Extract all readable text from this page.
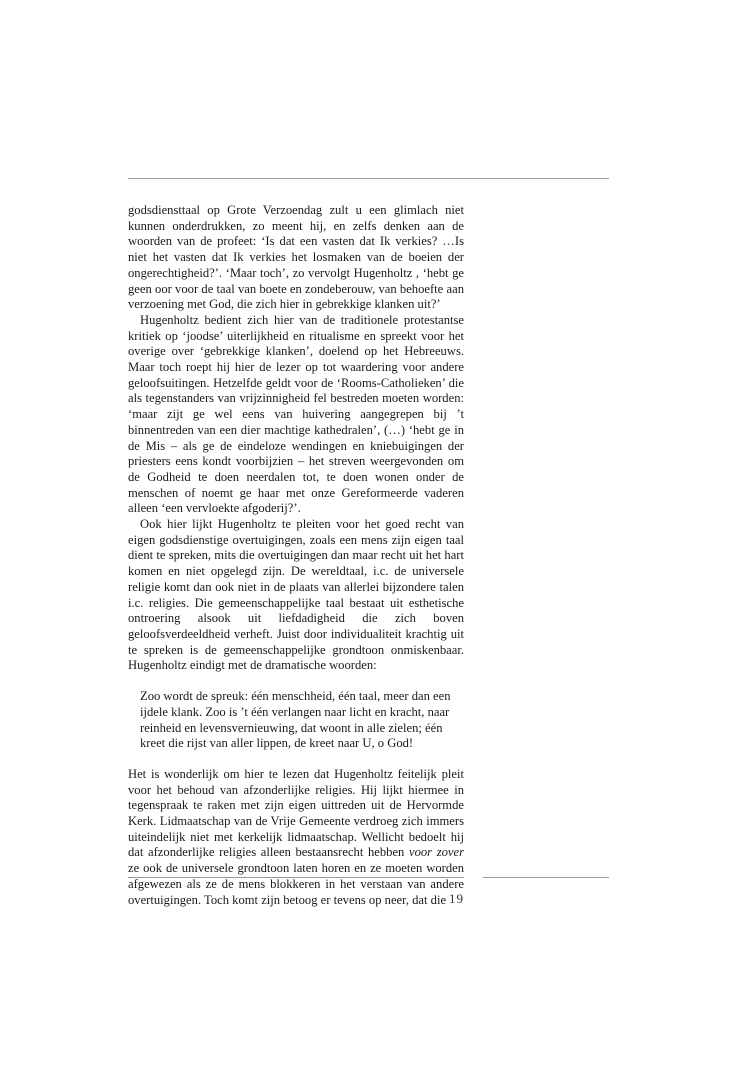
godsdiensttaal op Grote Verzoendag zult u een glimlach niet kunnen onderdrukken, zo meent hij, en zelfs denken aan de woorden van de profeet: ‘Is dat een vasten dat Ik verkies? …Is niet het vasten dat Ik verkies het losmaken van de boeien der ongerechtigheid?’. ‘Maar toch’, zo vervolgt Hugenholtz , ‘hebt ge geen oor voor de taal van boete en zondeberouw, van behoefte aan verzoening met God, die zich hier in gebrekkige klanken uit?’

Hugenholtz bedient zich hier van de traditionele protestantse kritiek op ‘joodse’ uiterlijkheid en ritualisme en spreekt voor het overige over ‘gebrekkige klanken’, doelend op het Hebreeuws. Maar toch roept hij hier de lezer op tot waardering voor andere geloofsuitingen. Hetzelfde geldt voor de ‘Rooms-Catholieken’ die als tegenstanders van vrijzinnigheid fel bestreden moeten worden: ‘maar zijt ge wel eens van huivering aangegrepen bij ’t binnentreden van een dier machtige kathedralen’, (…) ‘hebt ge in de Mis – als ge de eindeloze wendingen en kniebuigingen der priesters eens kondt voorbijzien – het streven weergevonden om de Godheid te doen neerdalen tot, te doen wonen onder de menschen of noemt ge haar met onze Gereformeerde vaderen alleen ‘een vervloekte afgoderij?’.

Ook hier lijkt Hugenholtz te pleiten voor het goed recht van eigen godsdienstige overtuigingen, zoals een mens zijn eigen taal dient te spreken, mits die overtuigingen dan maar recht uit het hart komen en niet opgelegd zijn. De wereldtaal, i.c. de universele religie komt dan ook niet in de plaats van allerlei bijzondere talen i.c. religies. Die gemeenschappelijke taal bestaat uit esthetische ontroering alsook uit liefdadigheid die zich boven geloofsverdeeldheid verheft. Juist door individualiteit krachtig uit te spreken is de gemeenschappelijke grondtoon onmiskenbaar. Hugenholtz eindigt met de dramatische woorden:

Zoo wordt de spreuk: één menschheid, één taal, meer dan een ijdele klank. Zoo is ’t één verlangen naar licht en kracht, naar reinheid en levensvernieuwing, dat woont in alle zielen; één kreet die rijst van aller lippen, de kreet naar U, o God!

Het is wonderlijk om hier te lezen dat Hugenholtz feitelijk pleit voor het behoud van afzonderlijke religies. Hij lijkt hiermee in tegenspraak te raken met zijn eigen uittreden uit de Hervormde Kerk. Lidmaatschap van de Vrije Gemeente verdroeg zich immers uiteindelijk niet met kerkelijk lidmaatschap. Wellicht bedoelt hij dat afzonderlijke religies alleen bestaansrecht hebben voor zover ze ook de universele grondtoon laten horen en ze moeten worden afgewezen als ze de mens blokkeren in het verstaan van andere overtuigingen. Toch komt zijn betoog er tevens op neer, dat die 19
